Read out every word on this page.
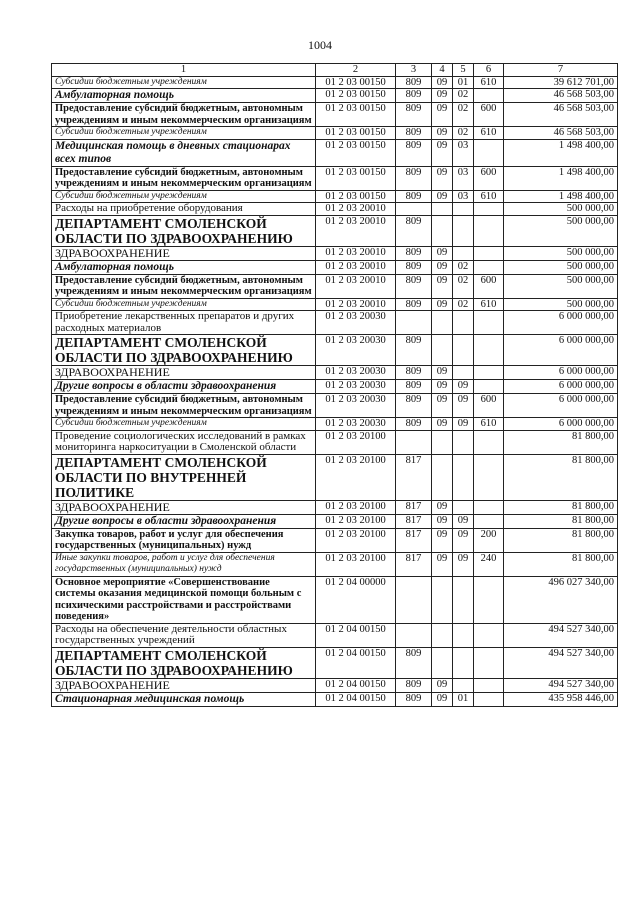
1004
1	2	3	4	5	6	7
Субсидии бюджетным учреждениям	01 2 03 00150	809	09	01	610	39 612 701,00
Амбулаторная помощь	01 2 03 00150	809	09	02		46 568 503,00
Предоставление субсидий бюджетным, автономным учреждениям и иным некоммерческим организациям	01 2 03 00150	809	09	02	600	46 568 503,00
Субсидии бюджетным учреждениям	01 2 03 00150	809	09	02	610	46 568 503,00
Медицинская помощь в дневных стационарах всех типов	01 2 03 00150	809	09	03		1 498 400,00
Предоставление субсидий бюджетным, автономным учреждениям и иным некоммерческим организациям	01 2 03 00150	809	09	03	600	1 498 400,00
Субсидии бюджетным учреждениям	01 2 03 00150	809	09	03	610	1 498 400,00
Расходы на приобретение оборудования	01 2 03 20010					500 000,00
ДЕПАРТАМЕНТ СМОЛЕНСКОЙ ОБЛАСТИ ПО ЗДРАВООХРАНЕНИЮ	01 2 03 20010	809				500 000,00
ЗДРАВООХРАНЕНИЕ	01 2 03 20010	809	09			500 000,00
Амбулаторная помощь	01 2 03 20010	809	09	02		500 000,00
Предоставление субсидий бюджетным, автономным учреждениям и иным некоммерческим организациям	01 2 03 20010	809	09	02	600	500 000,00
Субсидии бюджетным учреждениям	01 2 03 20010	809	09	02	610	500 000,00
Приобретение лекарственных препаратов и других расходных материалов	01 2 03 20030					6 000 000,00
ДЕПАРТАМЕНТ СМОЛЕНСКОЙ ОБЛАСТИ ПО ЗДРАВООХРАНЕНИЮ	01 2 03 20030	809				6 000 000,00
ЗДРАВООХРАНЕНИЕ	01 2 03 20030	809	09			6 000 000,00
Другие вопросы в области здравоохранения	01 2 03 20030	809	09	09		6 000 000,00
Предоставление субсидий бюджетным, автономным учреждениям и иным некоммерческим организациям	01 2 03 20030	809	09	09	600	6 000 000,00
Субсидии бюджетным учреждениям	01 2 03 20030	809	09	09	610	6 000 000,00
Проведение социологических исследований в рамках мониторинга наркоситуации в Смоленской области	01 2 03 20100					81 800,00
ДЕПАРТАМЕНТ СМОЛЕНСКОЙ ОБЛАСТИ ПО ВНУТРЕННЕЙ ПОЛИТИКЕ	01 2 03 20100	817				81 800,00
ЗДРАВООХРАНЕНИЕ	01 2 03 20100	817	09			81 800,00
Другие вопросы в области здравоохранения	01 2 03 20100	817	09	09		81 800,00
Закупка товаров, работ и услуг для обеспечения государственных (муниципальных) нужд	01 2 03 20100	817	09	09	200	81 800,00
Иные закупки товаров, работ и услуг для обеспечения государственных (муниципальных) нужд	01 2 03 20100	817	09	09	240	81 800,00
Основное мероприятие «Совершенствование системы оказания медицинской помощи больным с психическими расстройствами и расстройствами поведения»	01 2 04 00000					496 027 340,00
Расходы на обеспечение деятельности областных государственных учреждений	01 2 04 00150					494 527 340,00
ДЕПАРТАМЕНТ СМОЛЕНСКОЙ ОБЛАСТИ ПО ЗДРАВООХРАНЕНИЮ	01 2 04 00150	809				494 527 340,00
ЗДРАВООХРАНЕНИЕ	01 2 04 00150	809	09			494 527 340,00
Стационарная медицинская помощь	01 2 04 00150	809	09	01		435 958 446,00
